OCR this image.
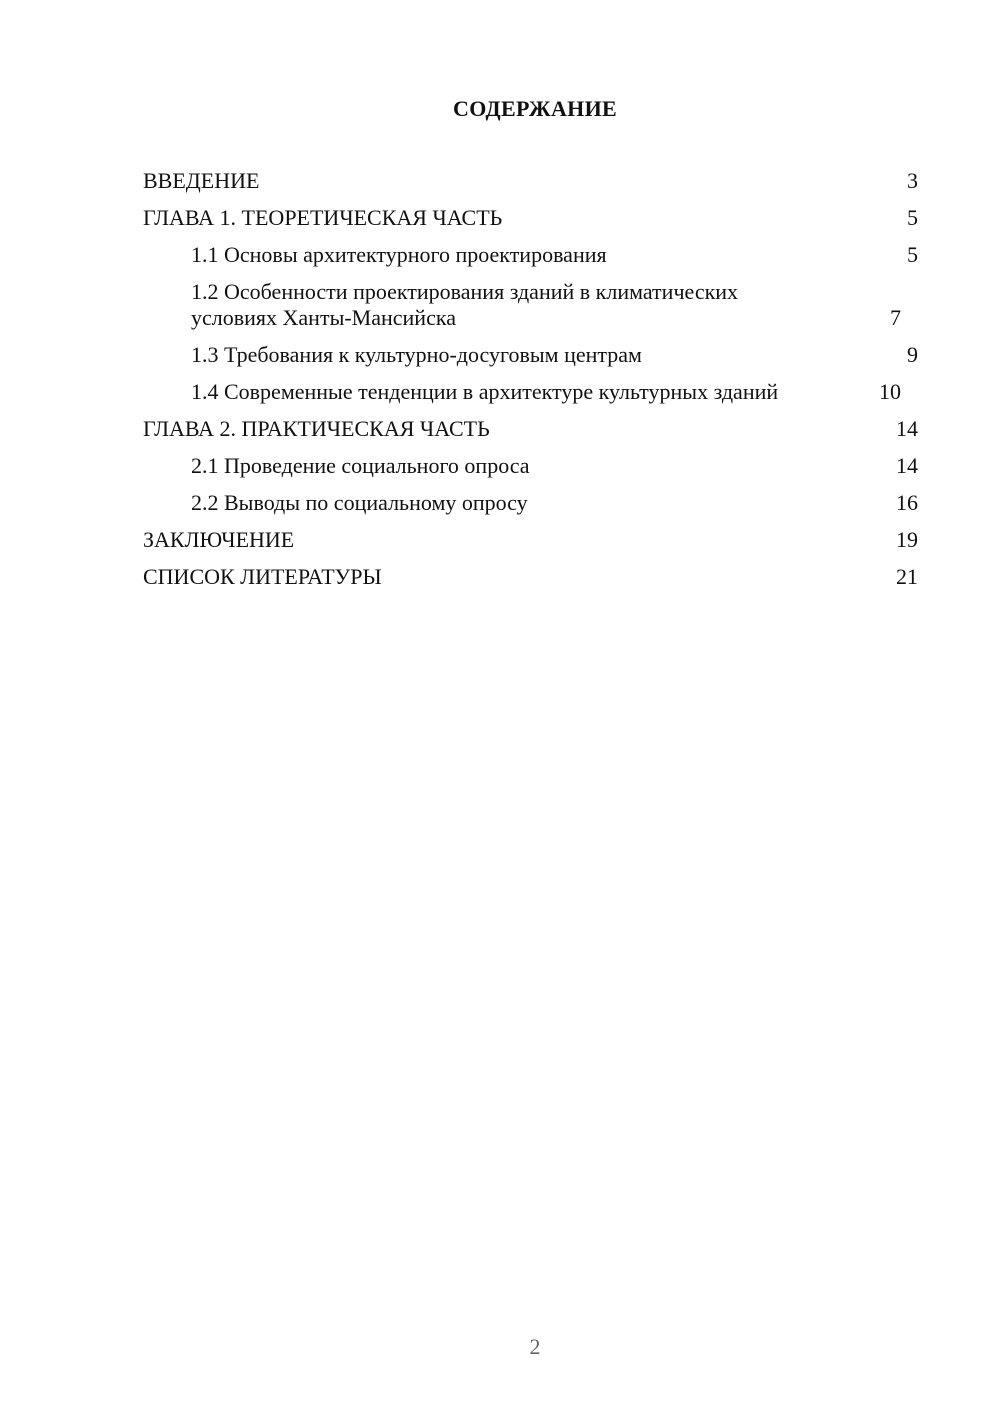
СОДЕРЖАНИЕ
ВВЕДЕНИЕ	3
ГЛАВА 1. ТЕОРЕТИЧЕСКАЯ ЧАСТЬ	5
1.1 Основы архитектурного проектирования	5
1.2 Особенности проектирования зданий в климатических условиях Ханты-Мансийска	7
1.3 Требования к культурно-досуговым центрам	9
1.4 Современные тенденции в архитектуре культурных зданий	10
ГЛАВА 2. ПРАКТИЧЕСКАЯ ЧАСТЬ	14
2.1 Проведение социального опроса	14
2.2 Выводы по социальному опросу	16
ЗАКЛЮЧЕНИЕ	19
СПИСОК ЛИТЕРАТУРЫ	21
2
